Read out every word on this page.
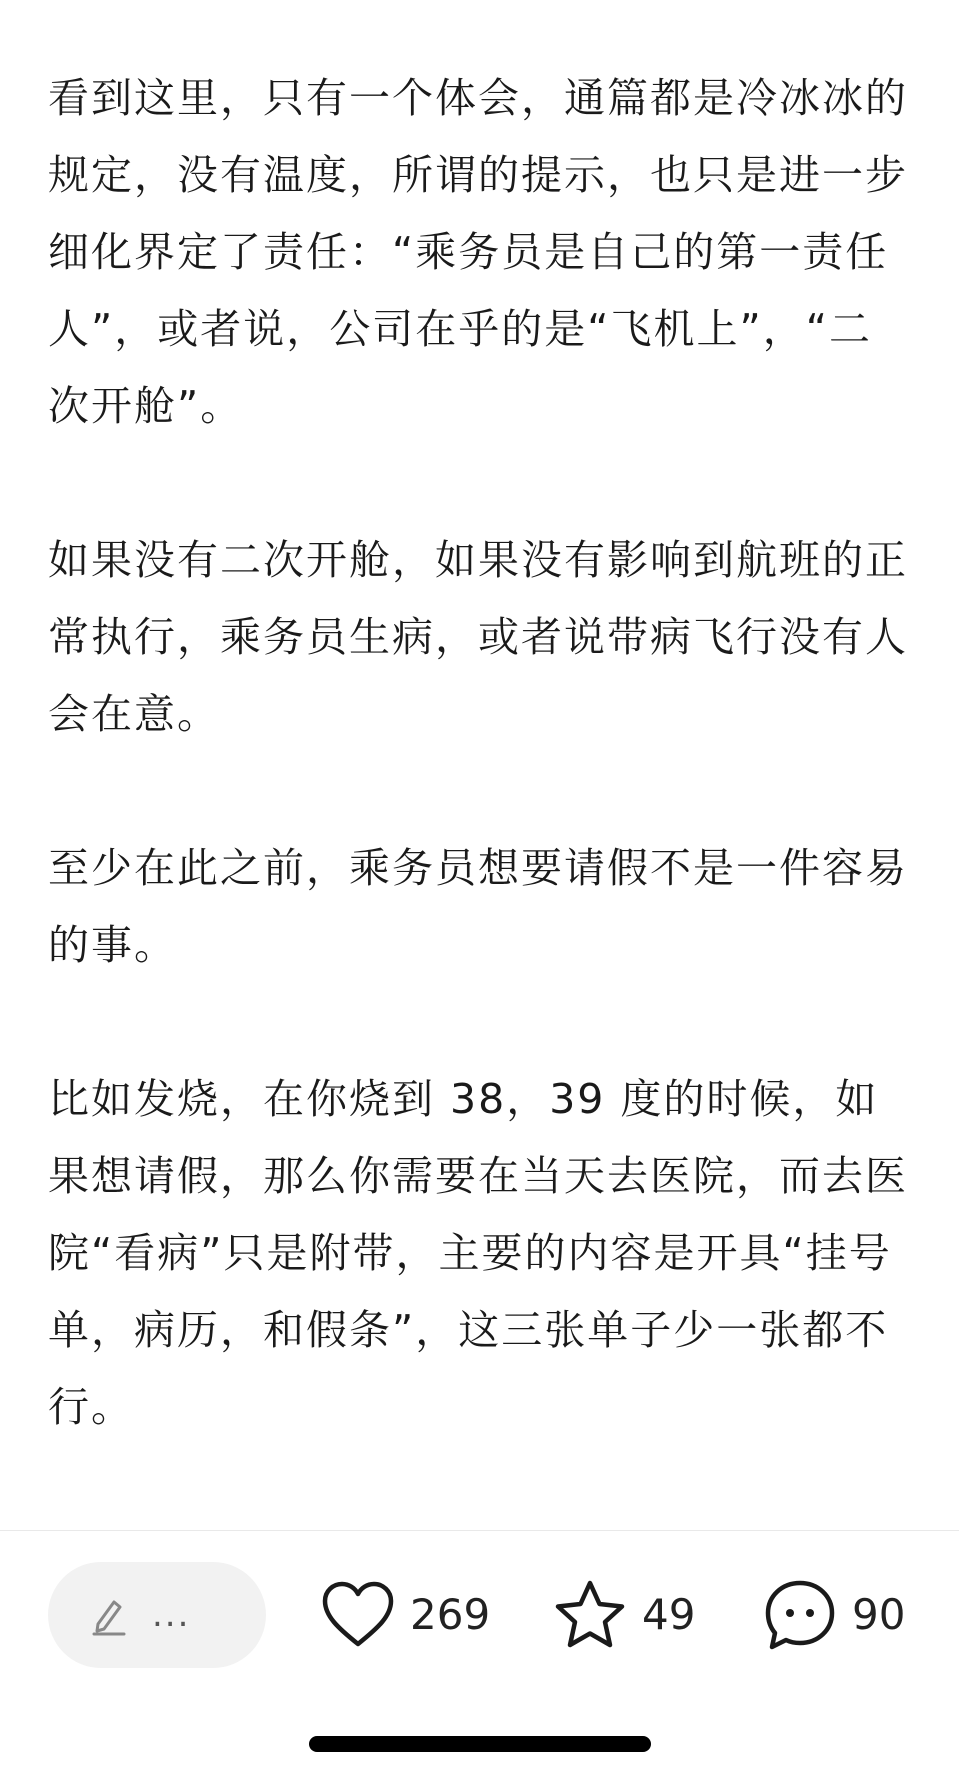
看到这里，只有一个体会，通篇都是冷冰冰的规定，没有温度，所谓的提示，也只是进一步细化界定了责任：“乘务员是自己的第一责任人”，或者说，公司在乎的是“飞机上”，“二次开舱”。

如果没有二次开舱，如果没有影响到航班的正常执行，乘务员生病，或者说带病飞行没有人会在意。

至少在此之前，乘务员想要请假不是一件容易的事。

比如发烧，在你烧到 38，39 度的时候，如果想请假，那么你需要在当天去医院，而去医院“看病”只是附带，主要的内容是开具“挂号单，病历，和假条”，这三张单子少一张都不行。

...	269	49	90
